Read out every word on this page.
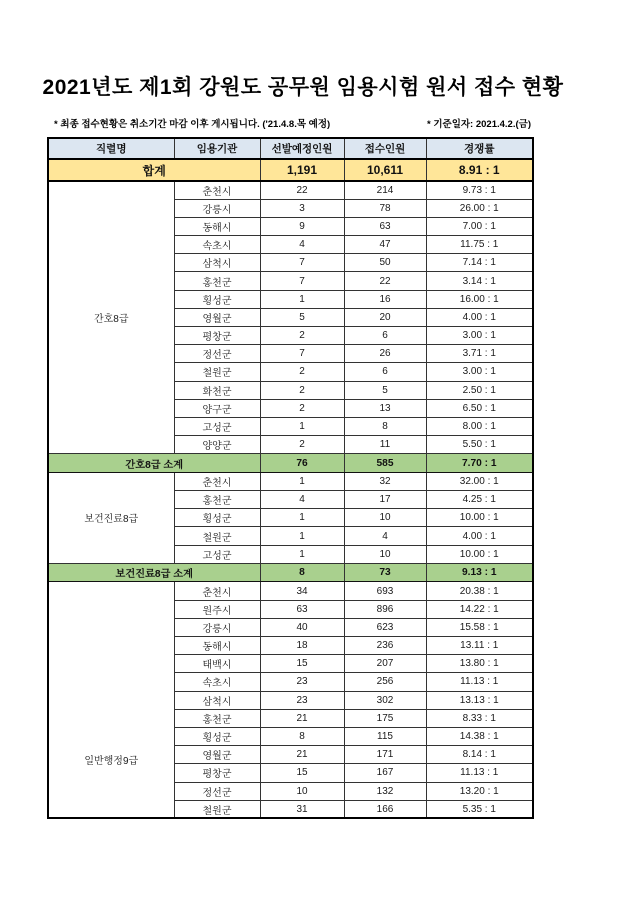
2021년도 제1회 강원도 공무원 임용시험 원서 접수 현황
* 최종 접수현황은 취소기간 마감 이후 게시됩니다. ('21.4.8.목 예정)	* 기준일자: 2021.4.2.(금)
직렬명	임용기관	선발예정인원	접수인원	경쟁률
합계		1,191	10,611	8.91 : 1
간호8급	춘천시	22	214	9.73 : 1
	강릉시	3	78	26.00 : 1
	동해시	9	63	7.00 : 1
	속초시	4	47	11.75 : 1
	삼척시	7	50	7.14 : 1
	홍천군	7	22	3.14 : 1
	횡성군	1	16	16.00 : 1
	영월군	5	20	4.00 : 1
	평창군	2	6	3.00 : 1
	정선군	7	26	3.71 : 1
	철원군	2	6	3.00 : 1
	화천군	2	5	2.50 : 1
	양구군	2	13	6.50 : 1
	고성군	1	8	8.00 : 1
	양양군	2	11	5.50 : 1
간호8급 소계		76	585	7.70 : 1
보건진료8급	춘천시	1	32	32.00 : 1
	홍천군	4	17	4.25 : 1
	횡성군	1	10	10.00 : 1
	철원군	1	4	4.00 : 1
	고성군	1	10	10.00 : 1
보건진료8급 소계		8	73	9.13 : 1

일반행정9급	춘천시	34	693	20.38 : 1
	원주시	63	896	14.22 : 1
	강릉시	40	623	15.58 : 1
	동해시	18	236	13.11 : 1
	태백시	15	207	13.80 : 1
	속초시	23	256	11.13 : 1
	삼척시	23	302	13.13 : 1
	홍천군	21	175	8.33 : 1
	횡성군	8	115	14.38 : 1
	영월군	21	171	8.14 : 1
	평창군	15	167	11.13 : 1
	정선군	10	132	13.20 : 1
	철원군	31	166	5.35 : 1
